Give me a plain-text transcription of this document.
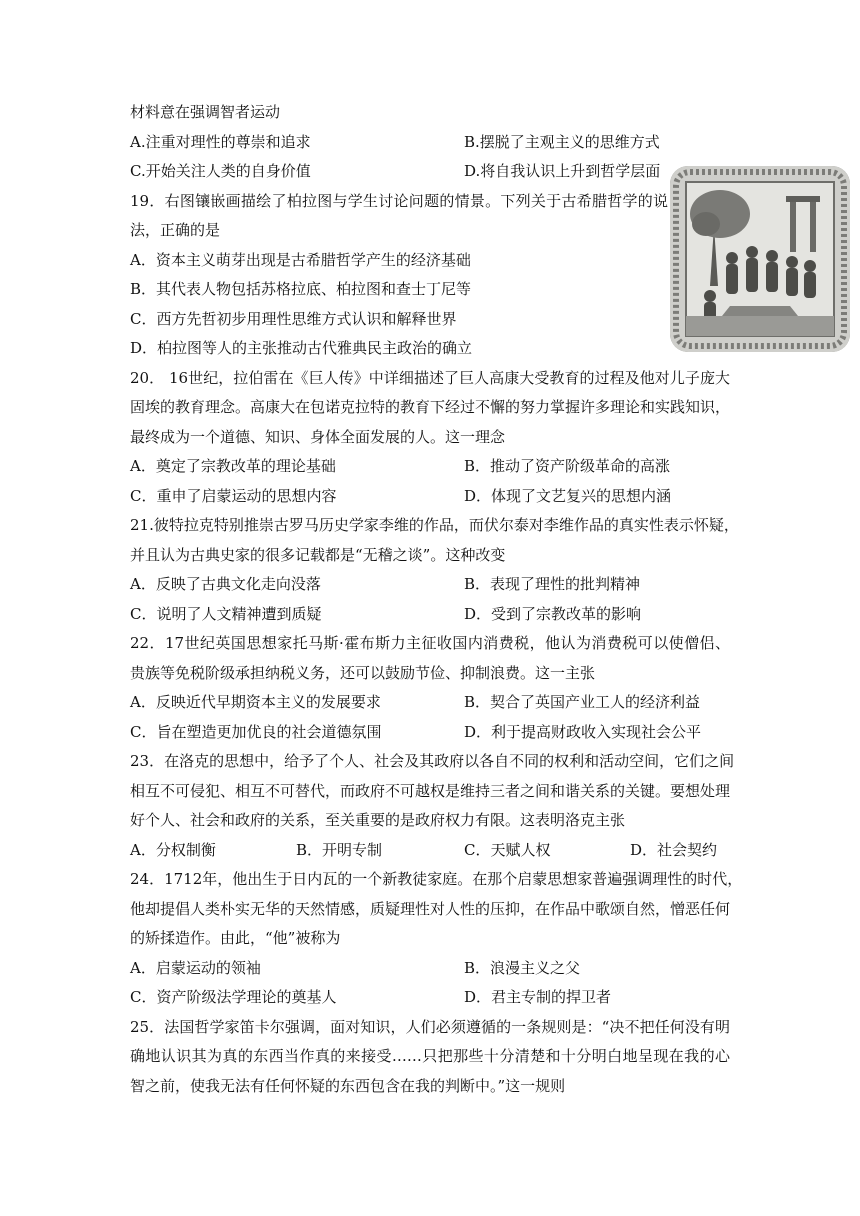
材料意在强调智者运动
A.注重对理性的尊崇和追求	B.摆脱了主观主义的思维方式
C.开始关注人类的自身价值	D.将自我认识上升到哲学层面
19．右图镶嵌画描绘了柏拉图与学生讨论问题的情景。下列关于古希腊哲学的说
法，正确的是
A．资本主义萌芽出现是古希腊哲学产生的经济基础
B．其代表人物包括苏格拉底、柏拉图和查士丁尼等
C．西方先哲初步用理性思维方式认识和解释世界
D．柏拉图等人的主张推动古代雅典民主政治的确立
20． 16世纪，拉伯雷在《巨人传》中详细描述了巨人高康大受教育的过程及他对儿子庞大
固埃的教育理念。高康大在包诺克拉特的教育下经过不懈的努力掌握许多理论和实践知识，
最终成为一个道德、知识、身体全面发展的人。这一理念
A．奠定了宗教改革的理论基础	B．推动了资产阶级革命的高涨
C．重申了启蒙运动的思想内容	D．体现了文艺复兴的思想内涵
21.彼特拉克特别推崇古罗马历史学家李维的作品，而伏尔泰对李维作品的真实性表示怀疑，
并且认为古典史家的很多记载都是“无稽之谈”。这种改变
A．反映了古典文化走向没落	B．表现了理性的批判精神
C．说明了人文精神遭到质疑	D．受到了宗教改革的影响
22．17世纪英国思想家托马斯·霍布斯力主征收国内消费税，他认为消费税可以使僧侣、
贵族等免税阶级承担纳税义务，还可以鼓励节俭、抑制浪费。这一主张
A．反映近代早期资本主义的发展要求	B．契合了英国产业工人的经济利益
C．旨在塑造更加优良的社会道德氛围	D．利于提高财政收入实现社会公平
23．在洛克的思想中，给予了个人、社会及其政府以各自不同的权利和活动空间，它们之间
相互不可侵犯、相互不可替代，而政府不可越权是维持三者之间和谐关系的关键。要想处理
好个人、社会和政府的关系，至关重要的是政府权力有限。这表明洛克主张
A．分权制衡	B．开明专制	C．天赋人权	D．社会契约
24．1712年，他出生于日内瓦的一个新教徒家庭。在那个启蒙思想家普遍强调理性的时代，
他却提倡人类朴实无华的天然情感，质疑理性对人性的压抑，在作品中歌颂自然，憎恶任何
的矫揉造作。由此，“他”被称为
A．启蒙运动的领袖	B．浪漫主义之父
C．资产阶级法学理论的奠基人	D．君主专制的捍卫者
25．法国哲学家笛卡尔强调，面对知识，人们必须遵循的一条规则是：“决不把任何没有明
确地认识其为真的东西当作真的来接受……只把那些十分清楚和十分明白地呈现在我的心
智之前，使我无法有任何怀疑的东西包含在我的判断中。”这一规则
